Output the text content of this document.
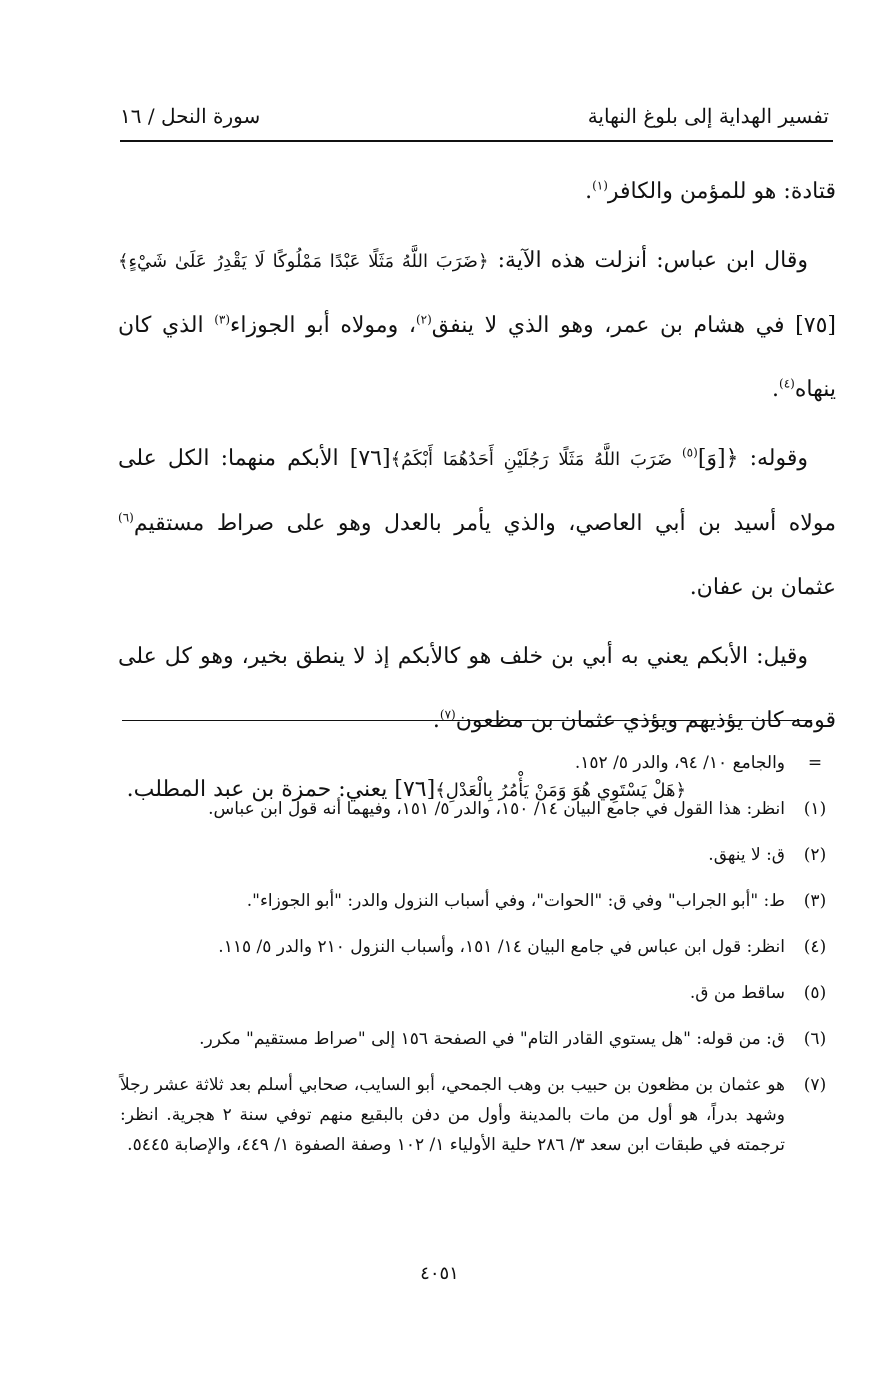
تفسير الهداية إلى بلوغ النهاية
سورة النحل / ١٦

قتادة: هو للمؤمن والكافر$^{(١)}$.

وقال ابن عباس: أنزلت هذه الآية: ﴿ضَرَبَ اللَّهُ مَثَلًا عَبْدًا مَمْلُوكًا لَا يَقْدِرُ عَلَىٰ شَيْءٍ﴾[٧٥] في هشام بن عمر، وهو الذي لا ينفق$^{(٢)}$، ومولاه أبو الجوزاء$^{(٣)}$ الذي كان ينهاه$^{(٤)}$.

وقوله: ﴿[وَ]$^{(٥)}$ ضَرَبَ اللَّهُ مَثَلًا رَجُلَيْنِ أَحَدُهُمَا أَبْكَمُ﴾[٧٦] الأبكم منهما: الكل على مولاه أسيد بن أبي العاصي، والذي يأمر بالعدل وهو على صراط مستقيم$^{(٦)}$ عثمان بن عفان.

وقيل: الأبكم يعني به أبي بن خلف هو كالأبكم إذ لا ينطق بخير، وهو كل على قومه كان يؤذيهم ويؤذي عثمان بن مظعون$^{(٧)}$.

﴿هَلْ يَسْتَوِي هُوَ وَمَنْ يَأْمُرُ بِالْعَدْلِ﴾[٧٦] يعني: حمزة بن عبد المطلب.

=
والجامع ١٠/ ٩٤، والدر ٥/ ١٥٢.
(١)
انظر: هذا القول في جامع البيان ١٤/ ١٥٠، والدر ٥/ ١٥١، وفيهما أنه قول ابن عباس.
(٢)
ق: لا ينهق.
(٣)
ط: "أبو الجراب" وفي ق: "الحوات"، وفي أسباب النزول والدر: "أبو الجوزاء".
(٤)
انظر: قول ابن عباس في جامع البيان ١٤/ ١٥١، وأسباب النزول ٢١٠ والدر ٥/ ١١٥.
(٥)
ساقط من ق.
(٦)
ق: من قوله: "هل يستوي القادر التام" في الصفحة ١٥٦ إلى "صراط مستقيم" مكرر.
(٧)
هو عثمان بن مظعون بن حبيب بن وهب الجمحي، أبو السايب، صحابي أسلم بعد ثلاثة عشر رجلاً وشهد بدراً، هو أول من مات بالمدينة وأول من دفن بالبقيع منهم توفي سنة ٢ هجرية. انظر: ترجمته في طبقات ابن سعد ٣/ ٢٨٦ حلية الأولياء ١/ ١٠٢ وصفة الصفوة ١/ ٤٤٩، والإصابة ٥٤٤٥.
٤٠٥١
